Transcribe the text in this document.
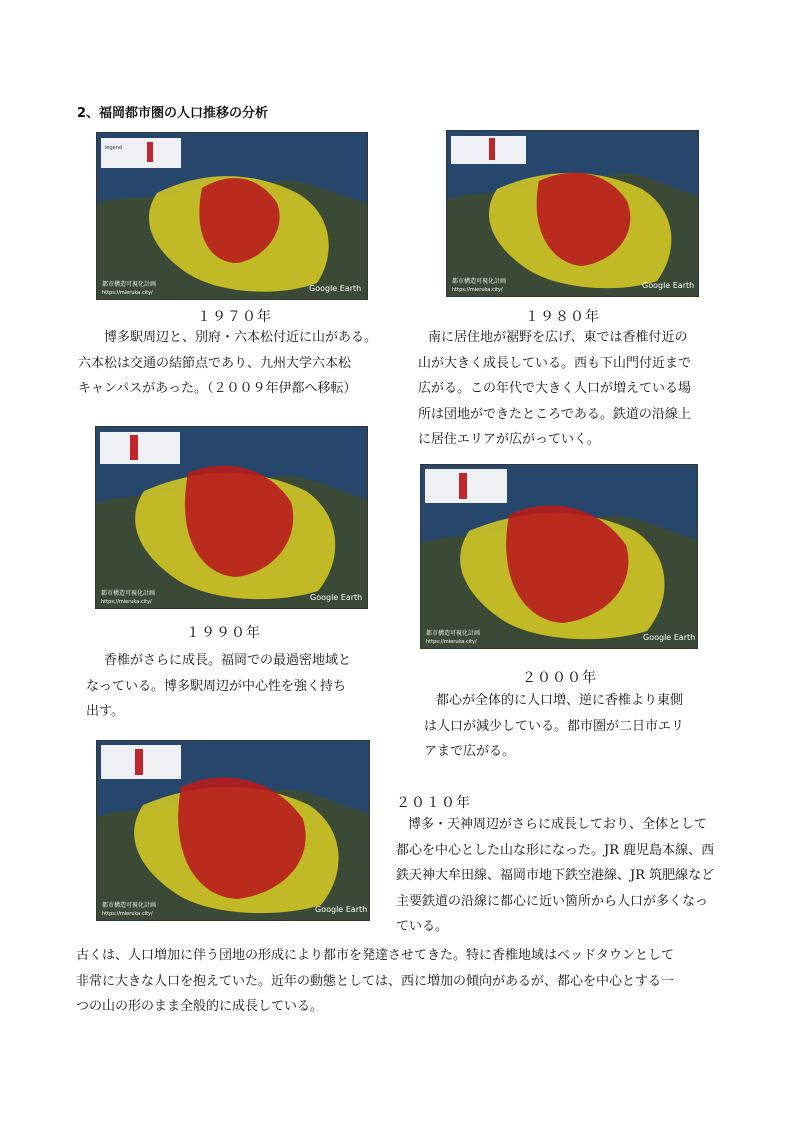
2、福岡都市圏の人口推移の分析
legend
都市構造可視化計画
https://mieruka.city/	Google Earth
１９７０年
博多駅周辺と、別府・六本松付近に山がある。
六本松は交通の結節点であり、九州大学六本松
キャンパスがあった。（２００９年伊都へ移転）
都市構造可視化計画
https://mieruka.city/	Google Earth
１９８０年
南に居住地が裾野を広げ、東では香椎付近の
山が大きく成長している。西も下山門付近まで
広がる。この年代で大きく人口が増えている場
所は団地ができたところである。鉄道の沿線上
に居住エリアが広がっていく。
都市構造可視化計画
https://mieruka.city/	Google Earth
１９９０年
香椎がさらに成長。福岡での最過密地域と
なっている。博多駅周辺が中心性を強く持ち
出す。
都市構造可視化計画
https://mieruka.city/	Google Earth
２０００年
都心が全体的に人口増、逆に香椎より東側
は人口が減少している。都市圏が二日市エリ
アまで広がる。
都市構造可視化計画
https://mieruka.city/	Google Earth
２０１０年
博多・天神周辺がさらに成長しており、全体として
都心を中心とした山な形になった。JR 鹿児島本線、西
鉄天神大牟田線、福岡市地下鉄空港線、JR 筑肥線など
主要鉄道の沿線に都心に近い箇所から人口が多くなっ
ている。
古くは、人口増加に伴う団地の形成により都市を発達させてきた。特に香椎地域はベッドタウンとして
非常に大きな人口を抱えていた。近年の動態としては、西に増加の傾向があるが、都心を中心とする一
つの山の形のまま全般的に成長している。
